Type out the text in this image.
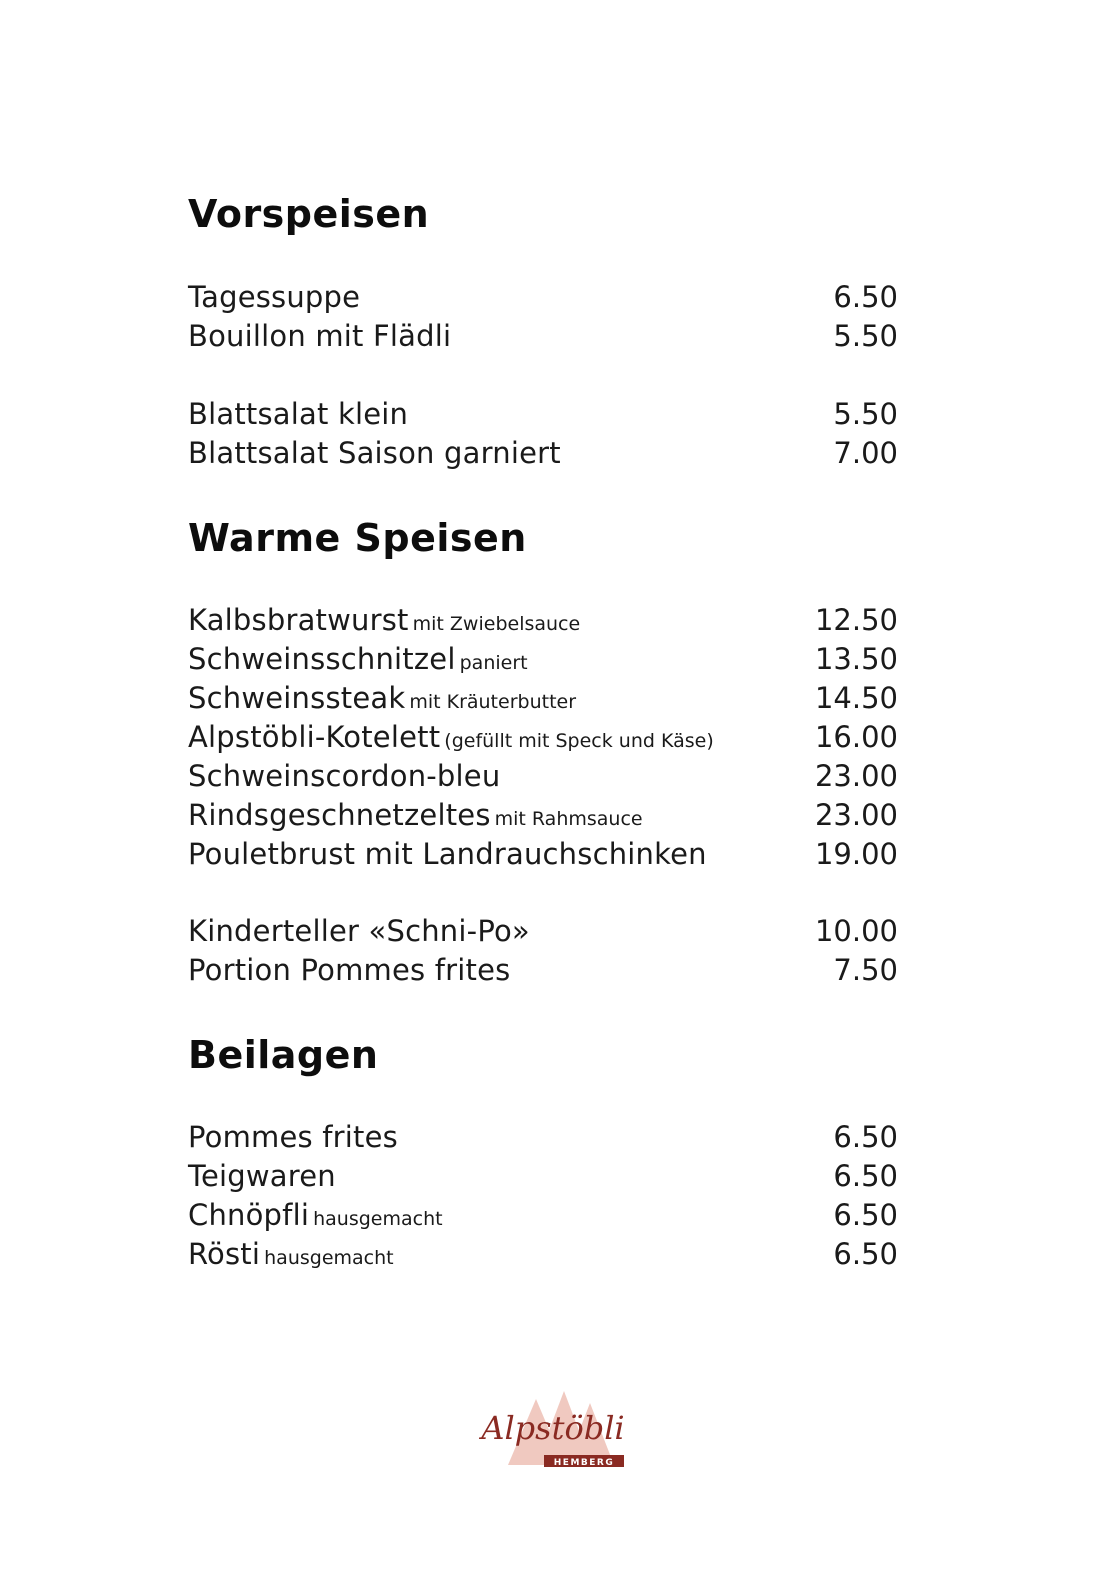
Vorspeisen
Tagessuppe	6.50
Bouillon mit Flädli	5.50
Blattsalat klein	5.50
Blattsalat Saison garniert	7.00
Warme Speisen
Kalbsbratwurst mit Zwiebelsauce	12.50
Schweinsschnitzel paniert	13.50
Schweinssteak mit Kräuterbutter	14.50
Alpstöbli-Kotelett (gefüllt mit Speck und Käse)	16.00
Schweinscordon-bleu	23.00
Rindsgeschnetzeltes mit Rahmsauce	23.00
Pouletbrust mit Landrauchschinken	19.00
Kinderteller «Schni-Po»	10.00
Portion Pommes frites	7.50
Beilagen
Pommes frites	6.50
Teigwaren	6.50
Chnöpfli hausgemacht	6.50
Rösti hausgemacht	6.50
Alpstöbli
HEMBERG
